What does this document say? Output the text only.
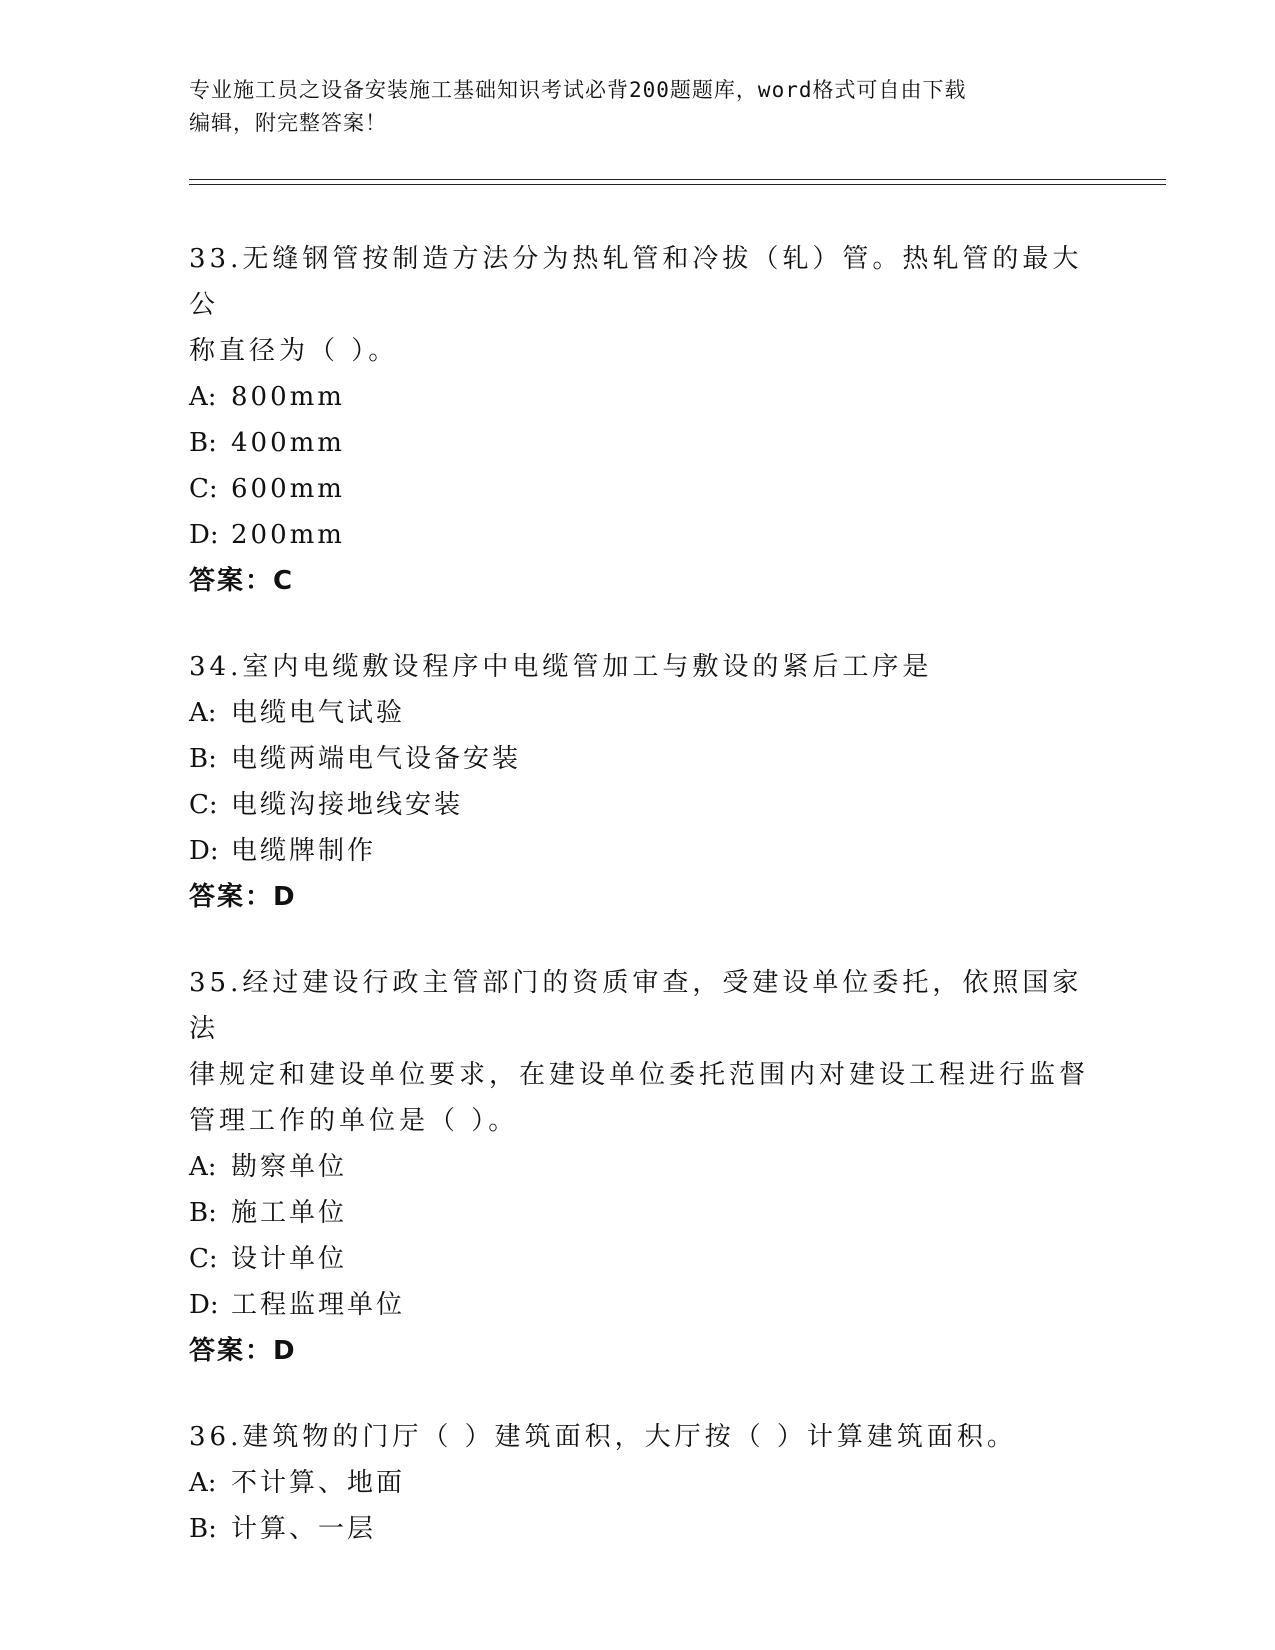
专业施工员之设备安装施工基础知识考试必背200题题库，word格式可自由下载
编辑，附完整答案！
33.无缝钢管按制造方法分为热轧管和冷拔（轧）管。热轧管的最大公
称直径为（ ）。
A: 800mm
B: 400mm
C: 600mm
D: 200mm
答案：C
34.室内电缆敷设程序中电缆管加工与敷设的紧后工序是
A: 电缆电气试验
B: 电缆两端电气设备安装
C: 电缆沟接地线安装
D: 电缆牌制作
答案：D
35.经过建设行政主管部门的资质审查，受建设单位委托，依照国家法
律规定和建设单位要求，在建设单位委托范围内对建设工程进行监督
管理工作的单位是（ ）。
A: 勘察单位
B: 施工单位
C: 设计单位
D: 工程监理单位
答案：D
36.建筑物的门厅（ ）建筑面积，大厅按（ ）计算建筑面积。
A: 不计算、地面
B: 计算、一层
